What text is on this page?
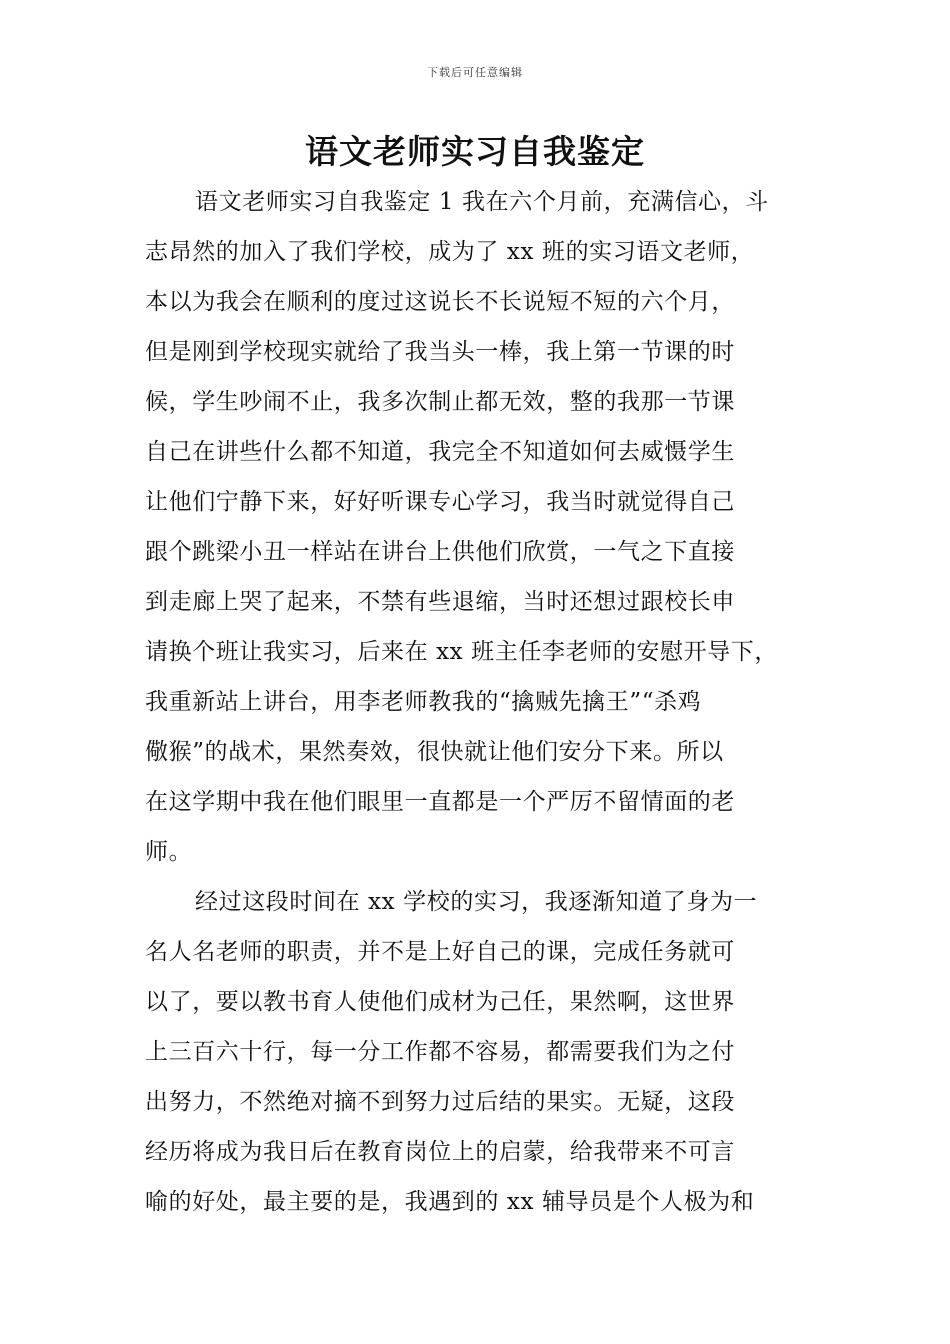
下载后可任意编辑
语文老师实习自我鉴定
语文老师实习自我鉴定 1 我在六个月前，充满信心，斗
志昂然的加入了我们学校，成为了 xx 班的实习语文老师，
本以为我会在顺利的度过这说长不长说短不短的六个月，
但是刚到学校现实就给了我当头一棒，我上第一节课的时
候，学生吵闹不止，我多次制止都无效，整的我那一节课
自己在讲些什么都不知道，我完全不知道如何去威慑学生
让他们宁静下来，好好听课专心学习，我当时就觉得自己
跟个跳梁小丑一样站在讲台上供他们欣赏，一气之下直接
到走廊上哭了起来，不禁有些退缩，当时还想过跟校长申
请换个班让我实习，后来在 xx 班主任李老师的安慰开导下，
我重新站上讲台，用李老师教我的“擒贼先擒王”“杀鸡
儆猴”的战术，果然奏效，很快就让他们安分下来。所以
在这学期中我在他们眼里一直都是一个严厉不留情面的老
师。
经过这段时间在 xx 学校的实习，我逐渐知道了身为一
名人名老师的职责，并不是上好自己的课，完成任务就可
以了，要以教书育人使他们成材为己任，果然啊，这世界
上三百六十行，每一分工作都不容易，都需要我们为之付
出努力，不然绝对摘不到努力过后结的果实。无疑，这段
经历将成为我日后在教育岗位上的启蒙，给我带来不可言
喻的好处，最主要的是，我遇到的 xx 辅导员是个人极为和
